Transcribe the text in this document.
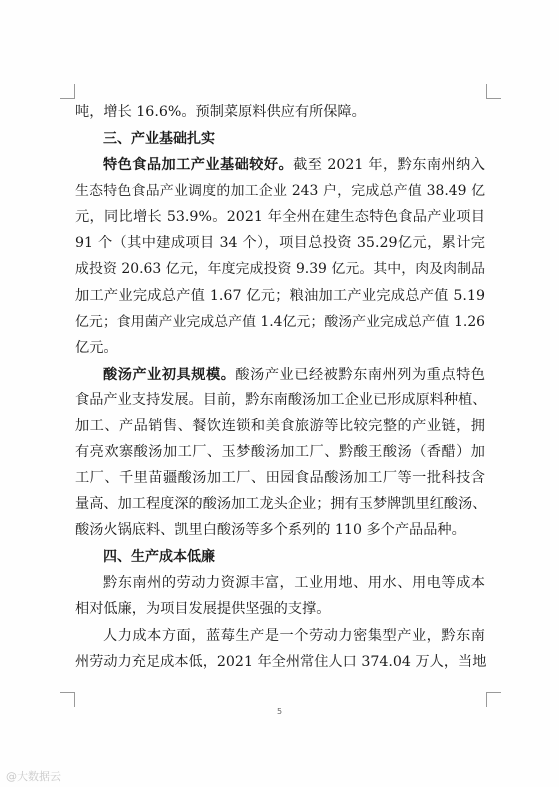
吨，增长 16.6%。预制菜原料供应有所保障。
三、产业基础扎实
特色食品加工产业基础较好。截至 2021 年，黔东南州纳入
生态特色食品产业调度的加工企业 243 户，完成总产值 38.49 亿
元，同比增长 53.9%。2021 年全州在建生态特色食品产业项目
91 个（其中建成项目 34 个），项目总投资 35.29亿元，累计完
成投资 20.63 亿元，年度完成投资 9.39 亿元。其中，肉及肉制品
加工产业完成总产值 1.67 亿元；粮油加工产业完成总产值 5.19
亿元；食用菌产业完成总产值 1.4亿元；酸汤产业完成总产值 1.26
亿元。
酸汤产业初具规模。酸汤产业已经被黔东南州列为重点特色
食品产业支持发展。目前，黔东南酸汤加工企业已形成原料种植、
加工、产品销售、餐饮连锁和美食旅游等比较完整的产业链，拥
有亮欢寨酸汤加工厂、玉梦酸汤加工厂、黔酸王酸汤（香醋）加
工厂、千里苗疆酸汤加工厂、田园食品酸汤加工厂等一批科技含
量高、加工程度深的酸汤加工龙头企业；拥有玉梦牌凯里红酸汤、
酸汤火锅底料、凯里白酸汤等多个系列的 110 多个产品品种。
四、生产成本低廉
黔东南州的劳动力资源丰富，工业用地、用水、用电等成本
相对低廉，为项目发展提供坚强的支撑。
人力成本方面，蓝莓生产是一个劳动力密集型产业，黔东南
州劳动力充足成本低，2021 年全州常住人口 374.04 万人，当地
5
@大数据云
